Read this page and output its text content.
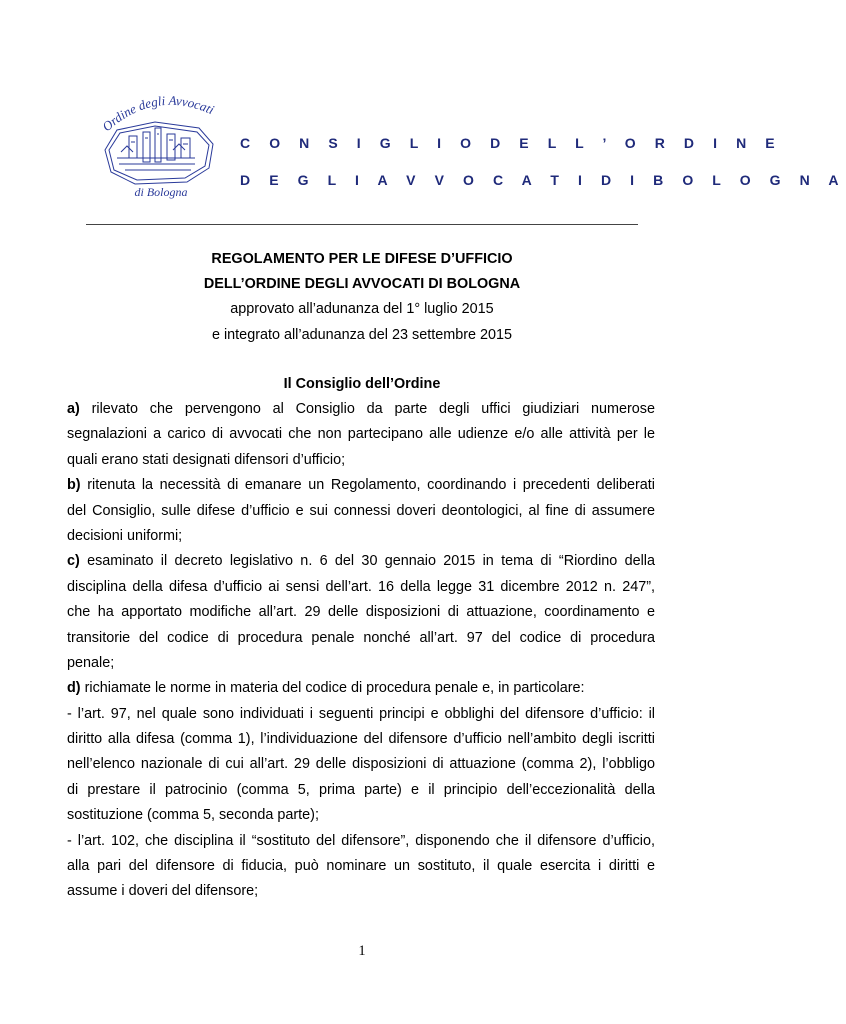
Ordine degli Avvocati
di Bologna
C O N S I G L I O D E L L ’ O R D I N E
D E G L I A V V O C A T I D I B O L O G N A
REGOLAMENTO PER LE DIFESE D’UFFICIO
DELL’ORDINE DEGLI AVVOCATI DI BOLOGNA
approvato all’adunanza del 1° luglio 2015
e integrato all’adunanza del 23 settembre 2015
Il Consiglio dell’Ordine
a) rilevato che pervengono al Consiglio da parte degli uffici giudiziari numerose
segnalazioni a carico di avvocati che non partecipano alle udienze e/o alle attività per le
quali erano stati designati difensori d’ufficio;
b) ritenuta la necessità di emanare un Regolamento, coordinando i precedenti deliberati
del Consiglio, sulle difese d’ufficio e sui connessi doveri deontologici, al fine di assumere
decisioni uniformi;
c) esaminato il decreto legislativo n. 6 del 30 gennaio 2015 in tema di “Riordino della
disciplina della difesa d’ufficio ai sensi dell’art. 16 della legge 31 dicembre 2012 n. 247”,
che ha apportato modifiche all’art. 29 delle disposizioni di attuazione, coordinamento e
transitorie del codice di procedura penale nonché all’art. 97 del codice di procedura
penale;
d) richiamate le norme in materia del codice di procedura penale e, in particolare:
- l’art. 97, nel quale sono individuati i seguenti principi e obblighi del difensore d’ufficio: il
diritto alla difesa (comma 1), l’individuazione del difensore d’ufficio nell’ambito degli iscritti
nell’elenco nazionale di cui all’art. 29 delle disposizioni di attuazione (comma 2), l’obbligo
di prestare il patrocinio (comma 5, prima parte) e il principio dell’eccezionalità della
sostituzione (comma 5, seconda parte);
- l’art. 102, che disciplina il “sostituto del difensore”, disponendo che il difensore d’ufficio,
alla pari del difensore di fiducia, può nominare un sostituto, il quale esercita i diritti e
assume i doveri del difensore;
1
